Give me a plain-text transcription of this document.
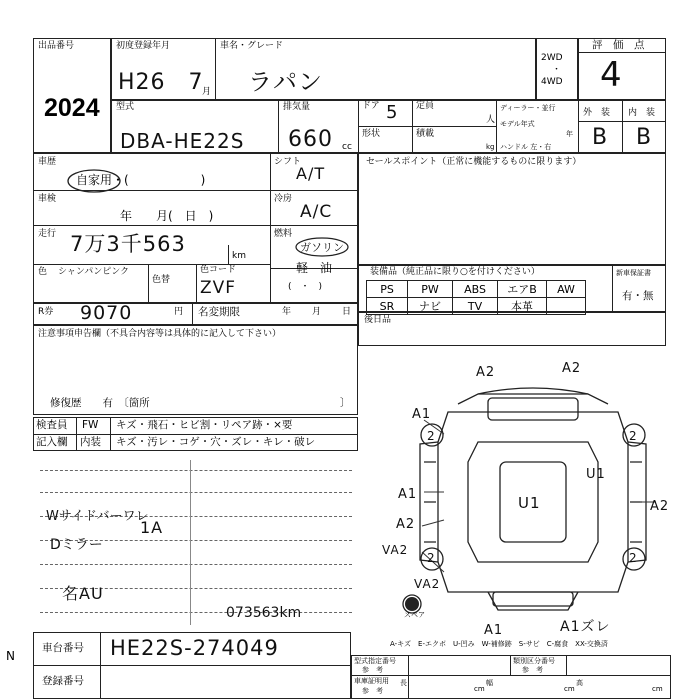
出品番号
2024
初度登録年月
H26　7
月
車名・グレード
ラパン
2WD
・
4WD
評　価　点
4
型式
DBA-HE22S
排気量
660 cc
ドア 5 定員
人
形状	積載
kg
ディーラー・並行
モデル年式
年
ハンドル 左・右
外　装 内　装
B B
車歴
自家用・(　　　　　　)
シフト
A/T
車検
年　　月(　日　)
冷房
A/C
走行 7万3千563	km
燃料
ガソリン
軽　油
(　・　)
色 シャンパンピンク
色替
色コード
ZVF
R券 9070	円 名変期限	年 月 日
注意事項申告欄（不具合内容等は具体的に記入して下さい）
修復歴　　有　〔箇所	〕
セールスポイント（正常に機能するものに限ります）
装備品（純正品に限り○を付けください）
PS	PW	ABS	エアB	AW
SR	ナビ	TV	本革	
新車保証書
有・無
後日品
検査員 FW キズ・飛石・ヒビ割・リペア跡・×要
記入欄 内装 キズ・汚レ・コゲ・穴・ズレ・キレ・破レ
Wサイドバーワレ
1A
Dミラー
名AU
073563km
A2	A2
A1
2	2
A1
U1
U1	A2
A2
VA2
2	2
VA2
A1	A1ズレ
スペア
A-キズ　E-エクボ　U-凹み　W-補修跡　S-サビ　C-腐食　XX-交換済
車台番号 HE22S-274049
登録番号
N	型式指定番号
参　考
類別区分番号
参　考
車庫証明用
参　考
長
cm
幅
cm
高
cm
